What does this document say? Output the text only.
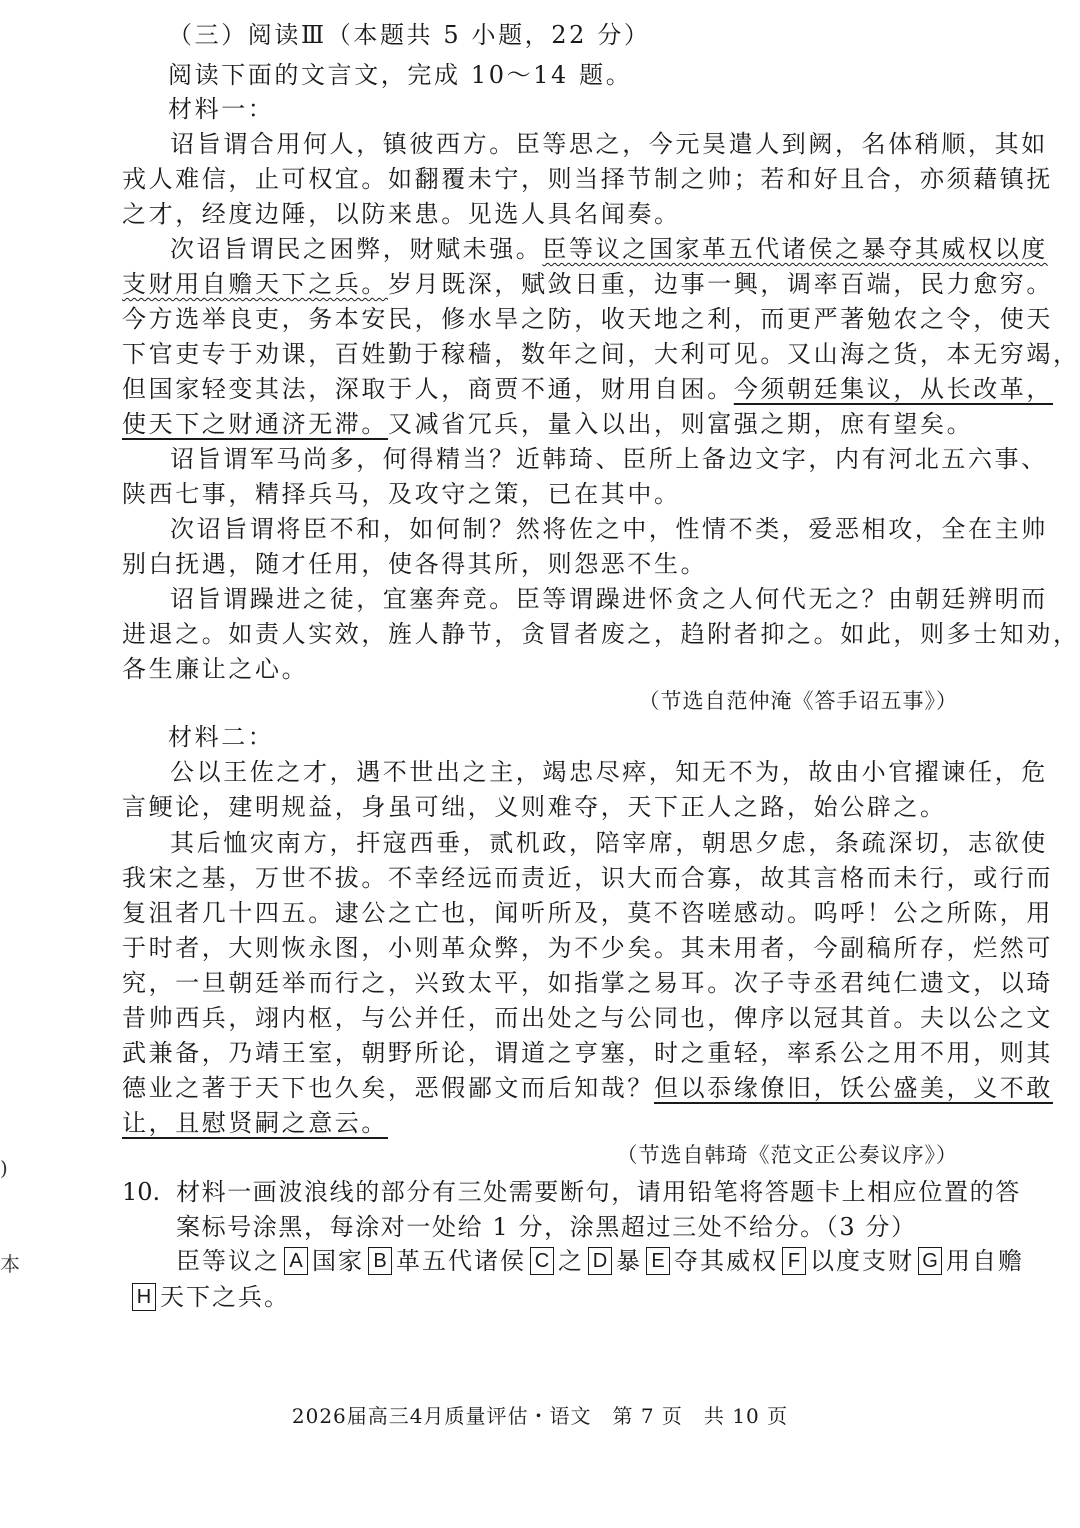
（三）阅读Ⅲ（本题共 5 小题，22 分）
阅读下面的文言文，完成 10～14 题。
材料一：
诏旨谓合用何人，镇彼西方。臣等思之，今元昊遣人到阙，名体稍顺，其如
戎人难信，止可权宜。如翻覆未宁，则当择节制之帅；若和好且合，亦须藉镇抚
之才，经度边陲，以防来患。见选人具名闻奏。
次诏旨谓民之困弊，财赋未强。臣等议之国家革五代诸侯之暴夺其威权以度
支财用自赡天下之兵。岁月既深，赋敛日重，边事一興，调率百端，民力愈穷。
今方选举良吏，务本安民，修水旱之防，收天地之利，而更严著勉农之令，使天
下官吏专于劝课，百姓勤于稼穑，数年之间，大利可见。又山海之货，本无穷竭，
但国家轻变其法，深取于人，商贾不通，财用自困。今须朝廷集议，从长改革，
使天下之财通济无滞。又减省冗兵，量入以出，则富强之期，庶有望矣。
诏旨谓军马尚多，何得精当？近韩琦、臣所上备边文字，内有河北五六事、
陕西七事，精择兵马，及攻守之策，已在其中。
次诏旨谓将臣不和，如何制？然将佐之中，性情不类，爱恶相攻，全在主帅
别白抚遇，随才任用，使各得其所，则怨恶不生。
诏旨谓躁进之徒，宜塞奔竞。臣等谓躁进怀贪之人何代无之？由朝廷辨明而
进退之。如责人实效，旌人静节，贪冒者废之，趋附者抑之。如此，则多士知劝，
各生廉让之心。
（节选自范仲淹《答手诏五事》）
材料二：
公以王佐之才，遇不世出之主，竭忠尽瘁，知无不为，故由小官擢谏任，危
言鲠论，建明规益，身虽可绌，义则难夺，天下正人之路，始公辟之。
其后恤灾南方，扞寇西垂，贰机政，陪宰席，朝思夕虑，条疏深切，志欲使
我宋之基，万世不拔。不幸经远而责近，识大而合寡，故其言格而未行，或行而
复沮者几十四五。逮公之亡也，闻听所及，莫不咨嗟感动。呜呼！公之所陈，用
于时者，大则恢永图，小则革众弊，为不少矣。其未用者，今副稿所存，烂然可
究，一旦朝廷举而行之，兴致太平，如指掌之易耳。次子寺丞君纯仁遗文，以琦
昔帅西兵，翊内枢，与公并任，而出处之与公同也，俾序以冠其首。夫以公之文
武兼备，乃靖王室，朝野所论，谓道之亨塞，时之重轻，率系公之用不用，则其
德业之著于天下也久矣，恶假鄙文而后知哉？但以忝缘僚旧，饫公盛美，义不敢
让，且慰贤嗣之意云。
（节选自韩琦《范文正公奏议序》）
10. 材料一画波浪线的部分有三处需要断句，请用铅笔将答题卡上相应位置的答
案标号涂黑，每涂对一处给 1 分，涂黑超过三处不给分。（3 分）
臣等议之 A 国家 B 革五代诸侯 C 之 D 暴 E 夺其威权 F 以度支财 G 用自赡
H 天下之兵。
)
本
2026届高三4月质量评估・语文　第 7 页　共 10 页
